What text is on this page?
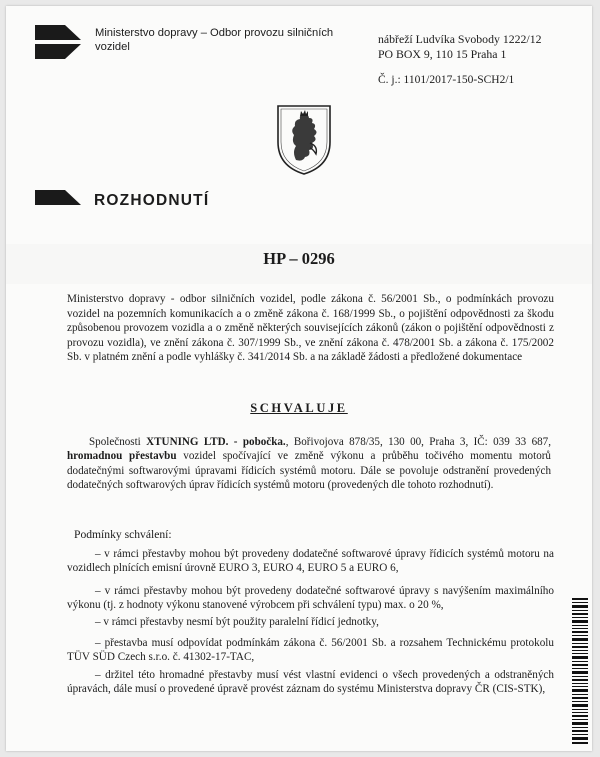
Ministerstvo dopravy – Odbor provozu silničních
vozidel
nábřeží Ludvíka Svobody 1222/12
PO BOX 9, 110 15 Praha 1
Č. j.: 1101/2017-150-SCH2/1
ROZHODNUTÍ
HP – 0296
Ministerstvo dopravy - odbor silničních vozidel, podle zákona č. 56/2001 Sb., o podmínkách provozu vozidel na pozemních komunikacích a o změně zákona č. 168/1999 Sb., o pojištění odpovědnosti za škodu způsobenou provozem vozidla a o změně některých souvisejících zákonů (zákon o pojištění odpovědnosti z provozu vozidla), ve znění zákona č. 307/1999 Sb., ve znění zákona č. 478/2001 Sb. a zákona č. 175/2002 Sb. v platném znění a podle vyhlášky č. 341/2014 Sb. a na základě žádosti a předložené dokumentace
SCHVALUJE
Společnosti XTUNING LTD. - pobočka., Bořivojova 878/35, 130 00, Praha 3, IČ: 039 33 687, hromadnou přestavbu vozidel spočívající ve změně výkonu a průběhu točivého momentu motorů dodatečnými softwarovými úpravami řídicích systémů motoru. Dále se povoluje odstranění provedených dodatečných softwarových úprav řídicích systémů motoru (provedených dle tohoto rozhodnutí).
Podmínky schválení:
– v rámci přestavby mohou být provedeny dodatečné softwarové úpravy řídicích systémů motoru na vozidlech plnících emisní úrovně EURO 3, EURO 4, EURO 5 a EURO 6,
– v rámci přestavby mohou být provedeny dodatečné softwarové úpravy s navýšením maximálního výkonu (tj. z hodnoty výkonu stanovené výrobcem při schválení typu) max. o 20 %,
– v rámci přestavby nesmí být použity paralelní řídicí jednotky,
– přestavba musí odpovídat podmínkám zákona č. 56/2001 Sb. a rozsahem Technickému protokolu TÜV SÜD Czech s.r.o. č. 41302-17-TAC,
– držitel této hromadné přestavby musí vést vlastní evidenci o všech provedených a odstraněných úpravách, dále musí o provedené úpravě provést záznam do systému Ministerstva dopravy ČR (CIS-STK),
